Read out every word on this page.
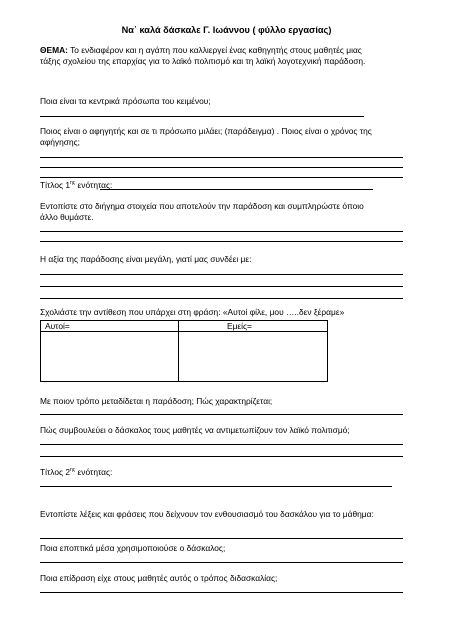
Να᾽ καλά δάσκαλε Γ. Ιωάννου ( φύλλο εργασίας)
ΘΕΜΑ: Το ενδιαφέρον και η αγάπη που καλλιεργεί ένας καθηγητής στους μαθητές μιας τάξης σχολείου της επαρχίας για το λαϊκό πολιτισμό και τη λαϊκή λογοτεχνική παράδοση.
Ποια είναι τα κεντρικά πρόσωπα του κειμένου;
Ποιος είναι ο αφηγητής και σε τι πρόσωπο μιλάει; (παράδειγμα) . Ποιος είναι ο χρόνος της αφήγησης;
Τίτλος $1^{\eta\varsigma}$ ενότητας:
Εντοπίστε στο διήγημα στοιχεία που αποτελούν την παράδοση και συμπληρώστε όποιο άλλο θυμάστε.
Η αξία της παράδοσης είναι μεγάλη, γιατί μας συνδέει με:
Σχολιάστε την αντίθεση που υπάρχει στη φράση: «Αυτοί φίλε, μου …..δεν ξέραμε»
Αυτοί=	Εμείς=
Με ποιον τρόπο μεταδίδεται η παράδοση; Πώς χαρακτηρίζεται;
Πώς συμβουλεύει ο δάσκαλος τους μαθητές να αντιμετωπίζουν τον λαϊκό πολιτισμό;
Τίτλος $2^{\eta\varsigma}$ ενότητας:
Εντοπίστε λέξεις και φράσεις που δείχνουν τον ενθουσιασμό του δασκάλου για το μάθημα:
Ποια εποπτικά μέσα χρησιμοποιούσε ο δάσκαλος;
Ποια επίδραση είχε στους μαθητές αυτός ο τρόπος διδασκαλίας;
